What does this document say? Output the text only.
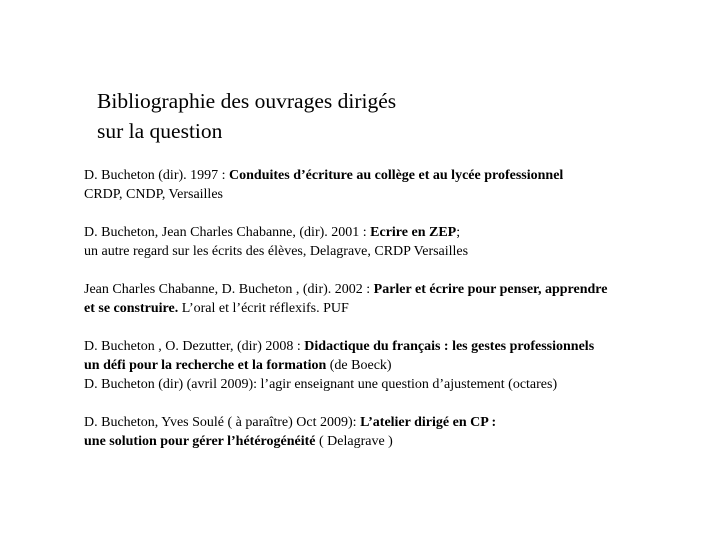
Bibliographie des ouvrages dirigés
sur la question

D. Bucheton (dir). 1997 : Conduites d’écriture au collège et au lycée professionnel
CRDP, CNDP, Versailles

D. Bucheton, Jean Charles Chabanne, (dir). 2001 : Ecrire en ZEP;
un autre regard sur les écrits des élèves, Delagrave, CRDP Versailles

Jean Charles Chabanne, D. Bucheton , (dir). 2002 : Parler et écrire pour penser, apprendre
et se construire. L’oral et l’écrit réflexifs. PUF

D. Bucheton , O. Dezutter, (dir) 2008 : Didactique du français : les gestes professionnels
un défi pour la recherche et la formation (de Boeck)
D. Bucheton (dir) (avril 2009): l’agir enseignant une question d’ajustement (octares)

D. Bucheton, Yves Soulé ( à paraître) Oct 2009): L’atelier dirigé en CP :
une solution pour gérer l’hétérogénéité ( Delagrave )
